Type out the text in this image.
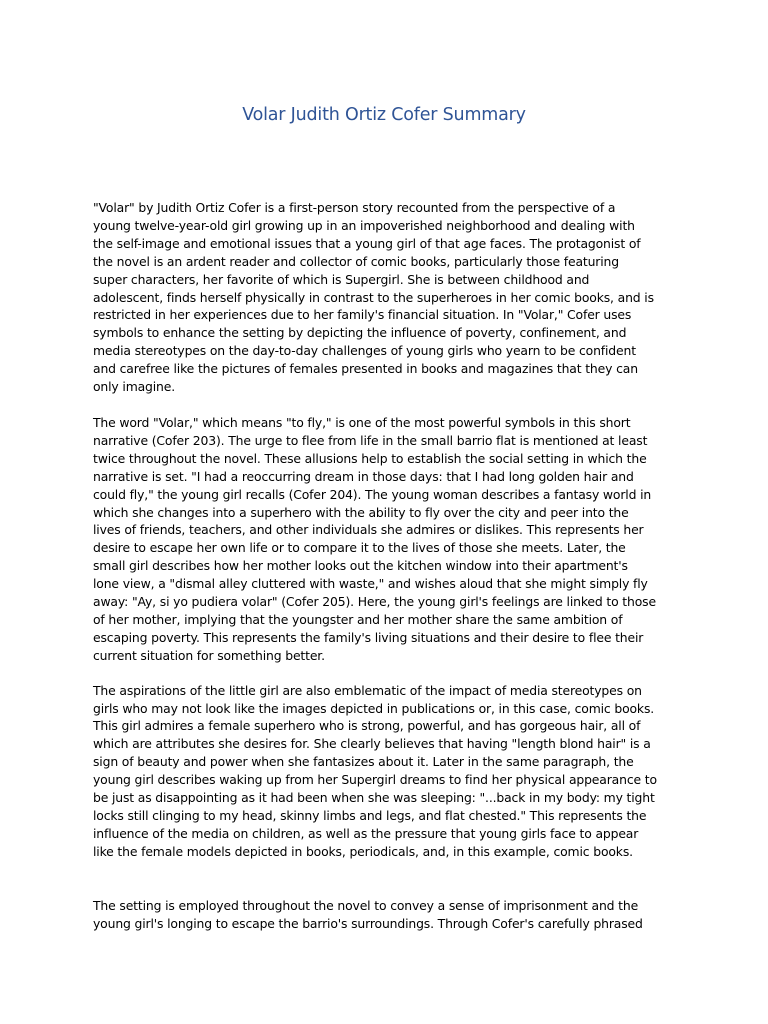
Volar Judith Ortiz Cofer Summary

"Volar" by Judith Ortiz Cofer is a first-person story recounted from the perspective of a
young twelve-year-old girl growing up in an impoverished neighborhood and dealing with
the self-image and emotional issues that a young girl of that age faces. The protagonist of
the novel is an ardent reader and collector of comic books, particularly those featuring
super characters, her favorite of which is Supergirl. She is between childhood and
adolescent, finds herself physically in contrast to the superheroes in her comic books, and is
restricted in her experiences due to her family's financial situation. In "Volar," Cofer uses
symbols to enhance the setting by depicting the influence of poverty, confinement, and
media stereotypes on the day-to-day challenges of young girls who yearn to be confident
and carefree like the pictures of females presented in books and magazines that they can
only imagine.

The word "Volar," which means "to fly," is one of the most powerful symbols in this short
narrative (Cofer 203). The urge to flee from life in the small barrio flat is mentioned at least
twice throughout the novel. These allusions help to establish the social setting in which the
narrative is set. "I had a reoccurring dream in those days: that I had long golden hair and
could fly," the young girl recalls (Cofer 204). The young woman describes a fantasy world in
which she changes into a superhero with the ability to fly over the city and peer into the
lives of friends, teachers, and other individuals she admires or dislikes. This represents her
desire to escape her own life or to compare it to the lives of those she meets. Later, the
small girl describes how her mother looks out the kitchen window into their apartment's
lone view, a "dismal alley cluttered with waste," and wishes aloud that she might simply fly
away: "Ay, si yo pudiera volar" (Cofer 205). Here, the young girl's feelings are linked to those
of her mother, implying that the youngster and her mother share the same ambition of
escaping poverty. This represents the family's living situations and their desire to flee their
current situation for something better.

The aspirations of the little girl are also emblematic of the impact of media stereotypes on
girls who may not look like the images depicted in publications or, in this case, comic books.
This girl admires a female superhero who is strong, powerful, and has gorgeous hair, all of
which are attributes she desires for. She clearly believes that having "length blond hair" is a
sign of beauty and power when she fantasizes about it. Later in the same paragraph, the
young girl describes waking up from her Supergirl dreams to find her physical appearance to
be just as disappointing as it had been when she was sleeping: "...back in my body: my tight
locks still clinging to my head, skinny limbs and legs, and flat chested." This represents the
influence of the media on children, as well as the pressure that young girls face to appear
like the female models depicted in books, periodicals, and, in this example, comic books.

The setting is employed throughout the novel to convey a sense of imprisonment and the
young girl's longing to escape the barrio's surroundings. Through Cofer's carefully phrased
